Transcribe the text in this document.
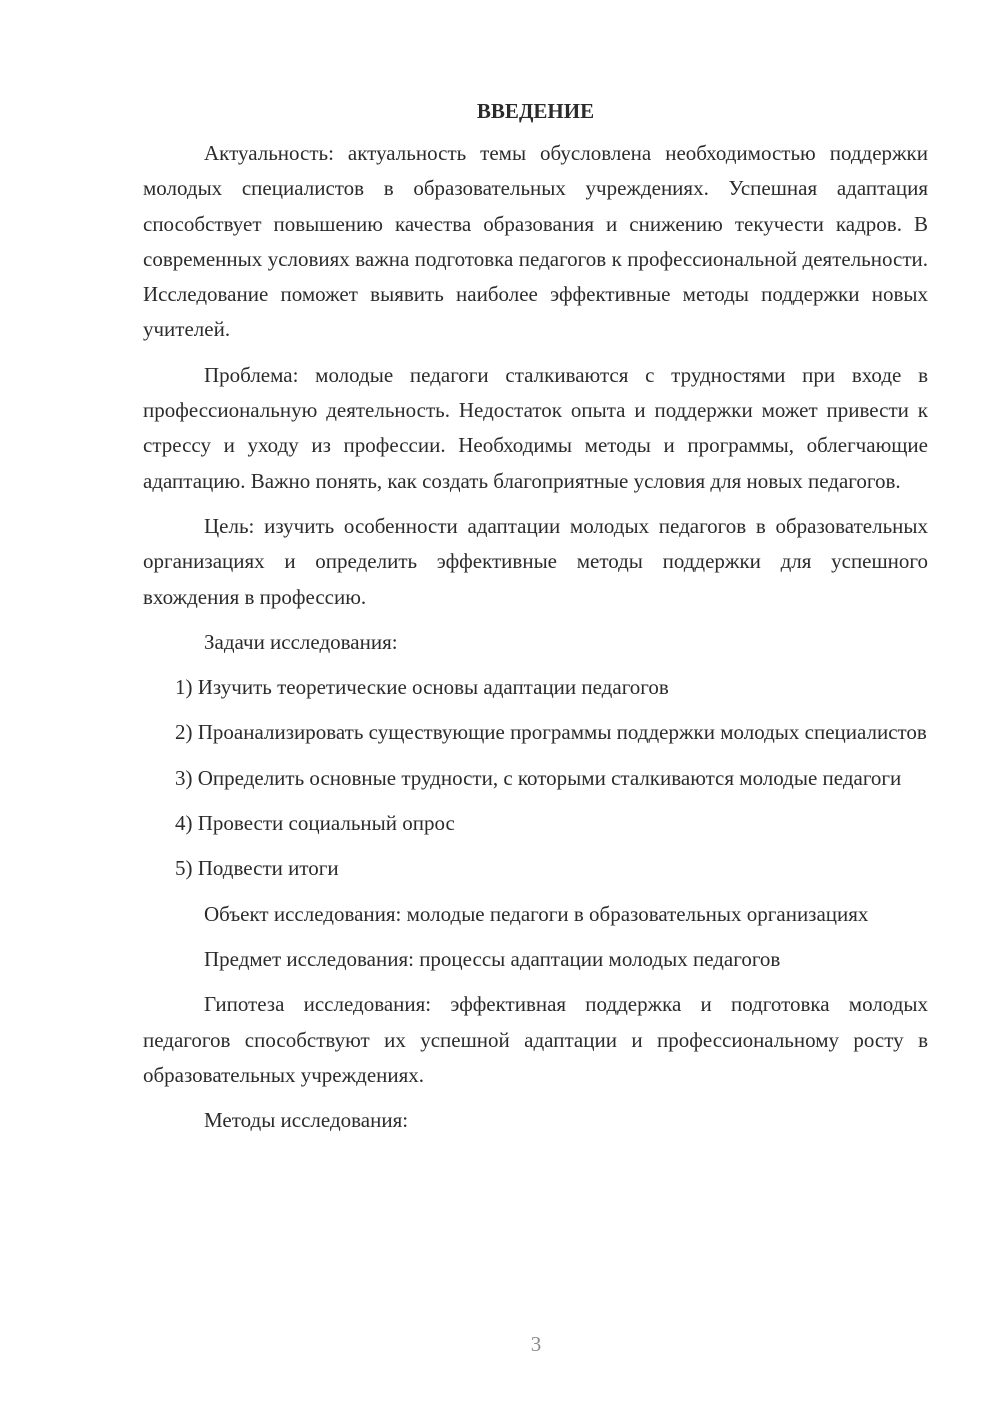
ВВЕДЕНИЕ

Актуальность: актуальность темы обусловлена необходимостью поддержки молодых специалистов в образовательных учреждениях. Успешная адаптация способствует повышению качества образования и снижению текучести кадров. В современных условиях важна подготовка педагогов к профессиональной деятельности. Исследование поможет выявить наиболее эффективные методы поддержки новых учителей.

Проблема: молодые педагоги сталкиваются с трудностями при входе в профессиональную деятельность. Недостаток опыта и поддержки может привести к стрессу и уходу из профессии. Необходимы методы и программы, облегчающие адаптацию. Важно понять, как создать благоприятные условия для новых педагогов.

Цель: изучить особенности адаптации молодых педагогов в образовательных организациях и определить эффективные методы поддержки для успешного вхождения в профессию.

Задачи исследования:

1) Изучить теоретические основы адаптации педагогов

2) Проанализировать существующие программы поддержки молодых специалистов

3) Определить основные трудности, с которыми сталкиваются молодые педагоги

4) Провести социальный опрос

5) Подвести итоги

Объект исследования: молодые педагоги в образовательных организациях

Предмет исследования: процессы адаптации молодых педагогов

Гипотеза исследования: эффективная поддержка и подготовка молодых педагогов способствуют их успешной адаптации и профессиональному росту в образовательных учреждениях.

Методы исследования:

3
